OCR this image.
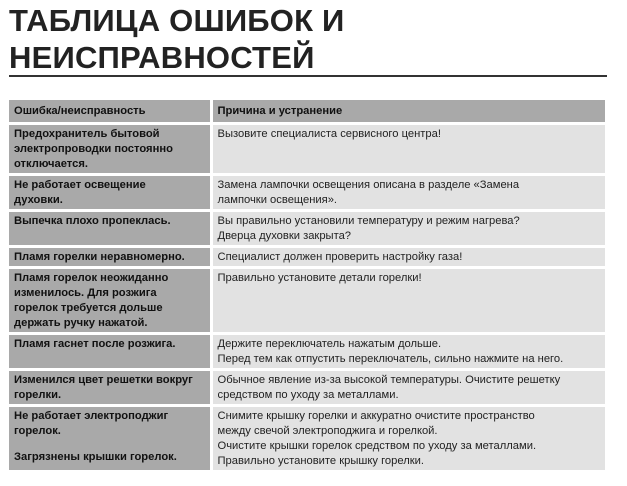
ТАБЛИЦА ОШИБОК И
НЕИСПРАВНОСТЕЙ
Ошибка/неисправность	Причина и устранение

Предохранитель бытовой
электропроводки постоянно
отключается.	Вызовите специалиста сервисного центра!

Не работает освещение
духовки.	Замена лампочки освещения описана в разделе «Замена
лампочки освещения».

Выпечка плохо пропеклась.	Вы правильно установили температуру и режим нагрева?
Дверца духовки закрыта?

Пламя горелки неравномерно.	Специалист должен проверить настройку газа!

Пламя горелок неожиданно
изменилось. Для розжига
горелок требуется дольше
держать ручку нажатой.	Правильно установите детали горелки!

Пламя гаснет после розжига.	Держите переключатель нажатым дольше.
Перед тем как отпустить переключатель, сильно нажмите на него.

Изменился цвет решетки вокруг
горелки.	Обычное явление из-за высокой температуры. Очистите решетку
средством по уходу за металлами.

Не работает электроподжиг
горелок.
Загрязнены крышки горелок.	Снимите крышку горелки и аккуратно очистите пространство
между свечой электроподжига и горелкой.
Очистите крышки горелок средством по уходу за металлами.
Правильно установите крышку горелки.
